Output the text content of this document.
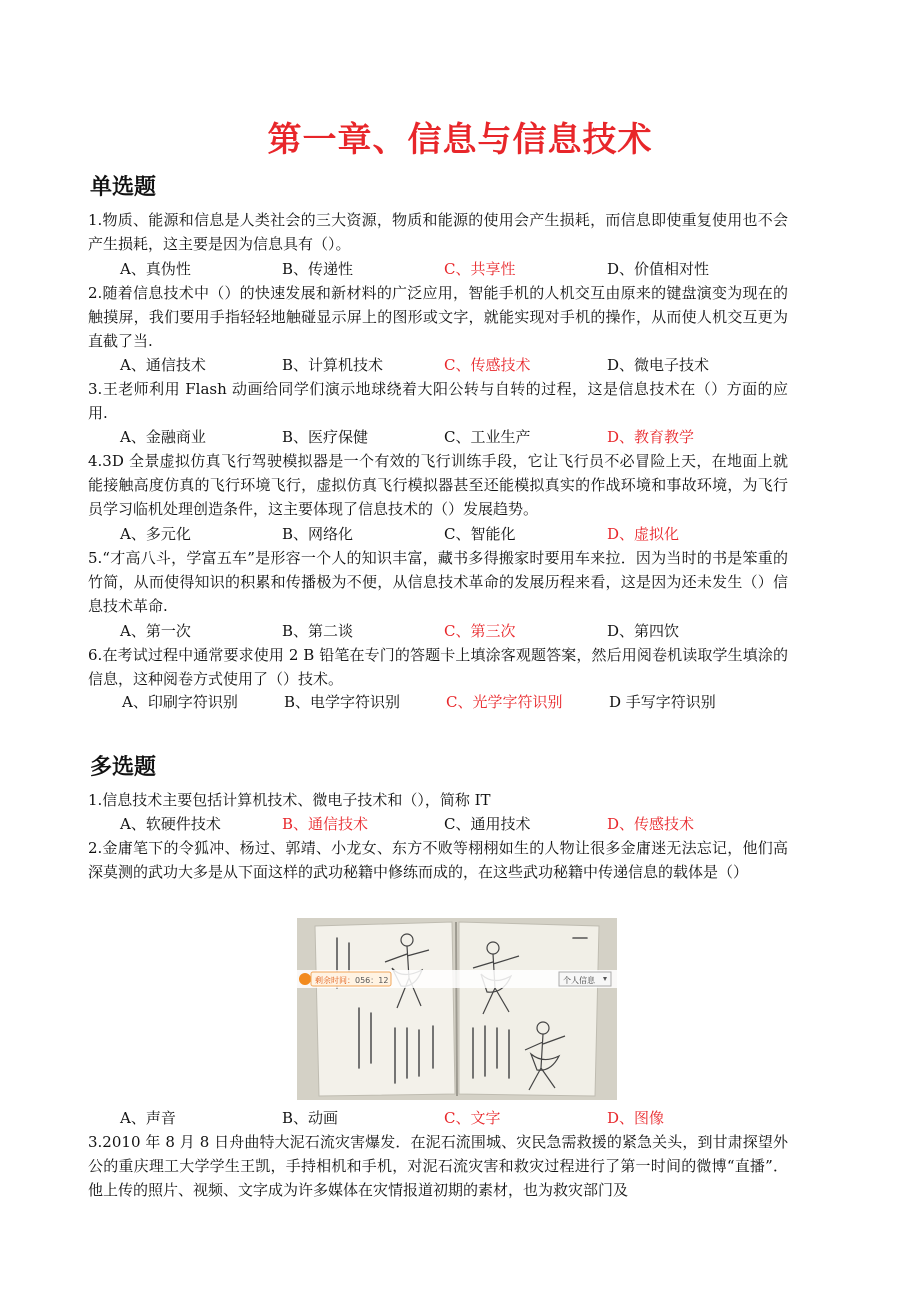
第一章、信息与信息技术
单选题
1.物质、能源和信息是人类社会的三大资源，物质和能源的使用会产生损耗，而信息即使重复使用也不会产生损耗，这主要是因为信息具有（）。
A、真伪性	B、传递性	C、共享性	D、价值相对性
2.随着信息技术中（）的快速发展和新材料的广泛应用，智能手机的人机交互由原来的键盘演变为现在的触摸屏，我们要用手指轻轻地触碰显示屏上的图形或文字，就能实现对手机的操作，从而使人机交互更为直截了当.
A、通信技术	B、计算机技术	C、传感技术	D、微电子技术
3.王老师利用 Flash 动画给同学们演示地球绕着大阳公转与自转的过程，这是信息技术在（）方面的应用.
A、金融商业	B、医疗保健	C、工业生产	D、教育教学
4.3D 全景虚拟仿真飞行驾驶模拟器是一个有效的飞行训练手段，它让飞行员不必冒险上天，在地面上就能接触高度仿真的飞行环境飞行，虚拟仿真飞行模拟器甚至还能模拟真实的作战环境和事故环境，为飞行员学习临机处理创造条件，这主要体现了信息技术的（）发展趋势。
A、多元化	B、网络化	C、智能化	D、虚拟化
5.“才高八斗，学富五车”是形容一个人的知识丰富，藏书多得搬家时要用车来拉．因为当时的书是笨重的竹简，从而使得知识的积累和传播极为不便，从信息技术革命的发展历程来看，这是因为还未发生（）信息技术革命.
A、第一次	B、第二谈	C、第三次	D、第四饮
6.在考试过程中通常要求使用 2 B 铅笔在专门的答题卡上填涂客观题答案，然后用阅卷机读取学生填涂的信息，这种阅卷方式使用了（）技术。
A、印刷字符识别	B、电学字符识别	C、光学字符识别	D 手写字符识别
多选题
1.信息技术主要包括计算机技术、微电子技术和（），简称 IT
A、软硬件技术	B、通信技术	C、通用技术	D、传感技术
2.金庸笔下的令狐冲、杨过、郭靖、小龙女、东方不败等栩栩如生的人物让很多金庸迷无法忘记，他们高深莫测的武功大多是从下面这样的武功秘籍中修练而成的，在这些武功秘籍中传递信息的载体是（）
剩余时间： 056：12	个人信息
A、声音	B、动画	C、文字	D、图像
3.2010 年 8 月 8 日舟曲特大泥石流灾害爆发．在泥石流围城、灾民急需救援的紧急关头，到甘肃探望外公的重庆理工大学学生王凯，手持相机和手机，对泥石流灾害和救灾过程进行了第一时间的微博“直播”．他上传的照片、视频、文字成为许多媒体在灾情报道初期的素材，也为救灾部门及
